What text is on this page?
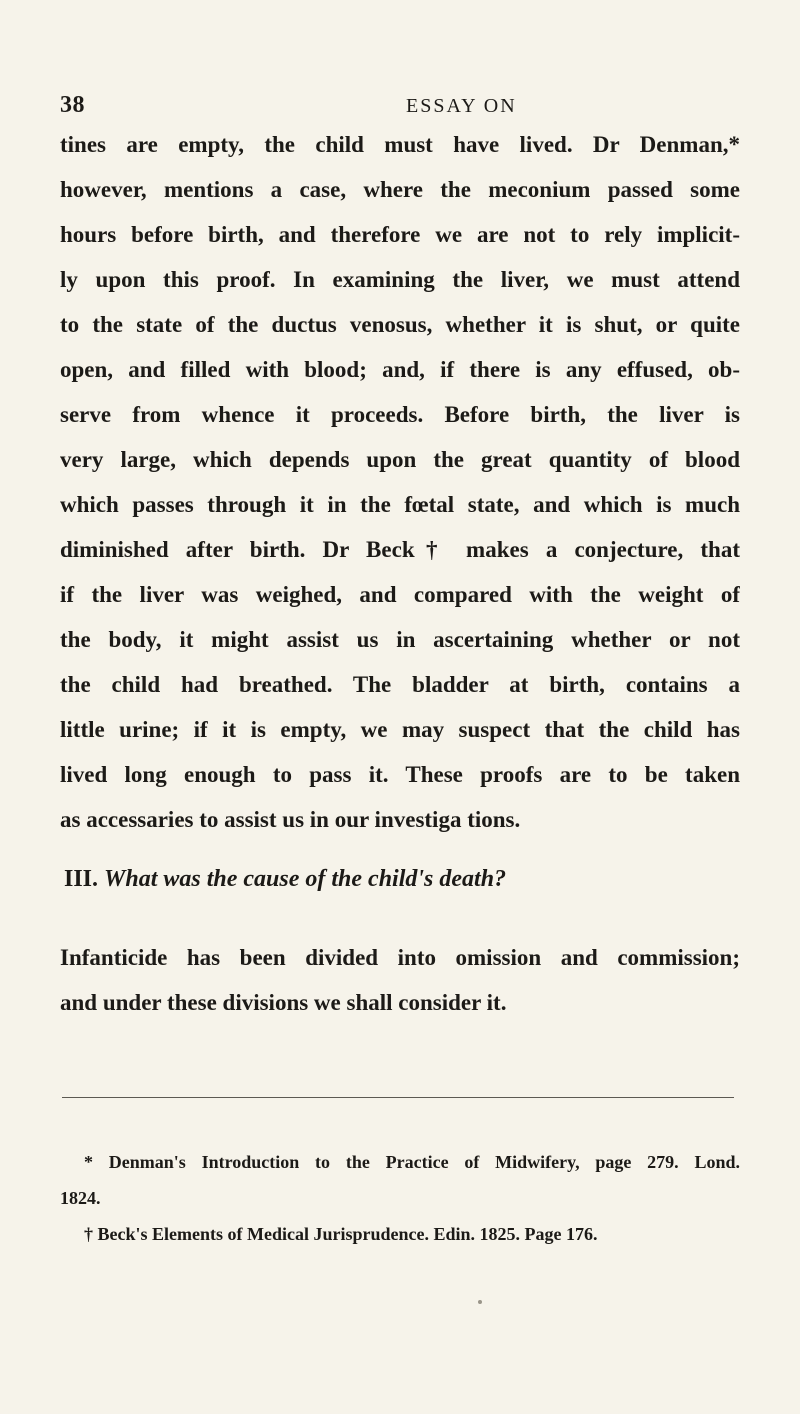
38	ESSAY ON
tines are empty, the child must have lived. Dr Denman,*
however, mentions a case, where the meconium passed some
hours before birth, and therefore we are not to rely implicit-
ly upon this proof. In examining the liver, we must attend
to the state of the ductus venosus, whether it is shut, or quite
open, and filled with blood; and, if there is any effused, ob-
serve from whence it proceeds. Before birth, the liver is
very large, which depends upon the great quantity of blood
which passes through it in the fœtal state, and which is much
diminished after birth. Dr Beck† makes a conjecture, that
if the liver was weighed, and compared with the weight of
the body, it might assist us in ascertaining whether or not
the child had breathed. The bladder at birth, contains a
little urine; if it is empty, we may suspect that the child has
lived long enough to pass it. These proofs are to be taken
as accessaries to assist us in our investiga tions.
III. What was the cause of the child's death?
Infanticide has been divided into omission and commission;
and under these divisions we shall consider it.
* Denman's Introduction to the Practice of Midwifery, page 279. Lond.
1824.
† Beck's Elements of Medical Jurisprudence. Edin. 1825. Page 176.
